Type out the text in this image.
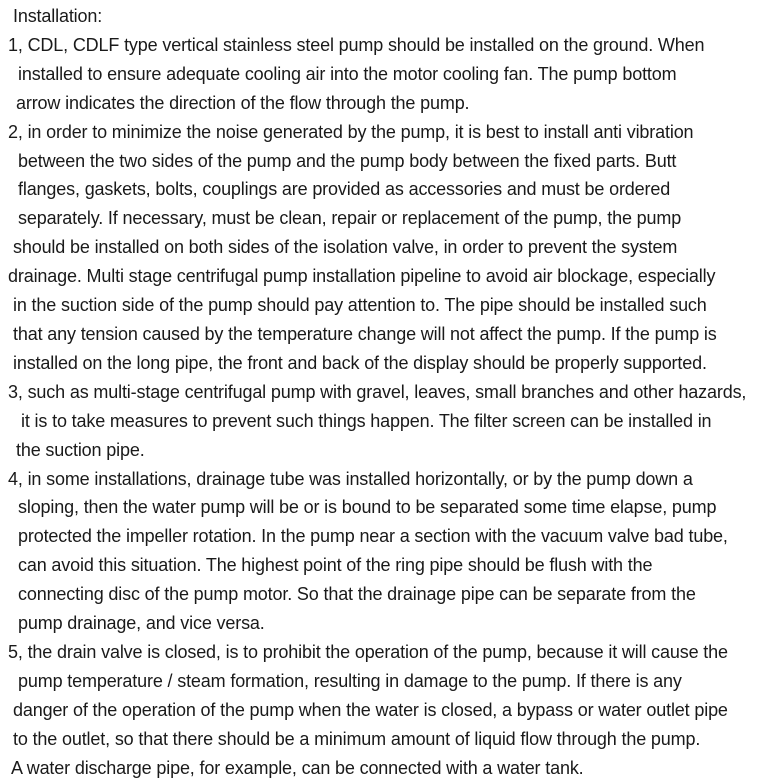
Installation:
1, CDL, CDLF type vertical stainless steel pump should be installed on the ground. When
installed to ensure adequate cooling air into the motor cooling fan. The pump bottom
arrow indicates the direction of the flow through the pump.
2, in order to minimize the noise generated by the pump, it is best to install anti vibration
between the two sides of the pump and the pump body between the fixed parts. Butt
flanges, gaskets, bolts, couplings are provided as accessories and must be ordered
separately. If necessary, must be clean, repair or replacement of the pump, the pump
should be installed on both sides of the isolation valve, in order to prevent the system
drainage. Multi stage centrifugal pump installation pipeline to avoid air blockage, especially
in the suction side of the pump should pay attention to. The pipe should be installed such
that any tension caused by the temperature change will not affect the pump. If the pump is
installed on the long pipe, the front and back of the display should be properly supported.
3, such as multi-stage centrifugal pump with gravel, leaves, small branches and other hazards,
it is to take measures to prevent such things happen. The filter screen can be installed in
the suction pipe.
4, in some installations, drainage tube was installed horizontally, or by the pump down a
sloping, then the water pump will be or is bound to be separated some time elapse, pump
protected the impeller rotation. In the pump near a section with the vacuum valve bad tube,
can avoid this situation. The highest point of the ring pipe should be flush with the
connecting disc of the pump motor. So that the drainage pipe can be separate from the
pump drainage, and vice versa.
5, the drain valve is closed, is to prohibit the operation of the pump, because it will cause the
pump temperature / steam formation, resulting in damage to the pump. If there is any
danger of the operation of the pump when the water is closed, a bypass or water outlet pipe
to the outlet, so that there should be a minimum amount of liquid flow through the pump.
A water discharge pipe, for example, can be connected with a water tank.
